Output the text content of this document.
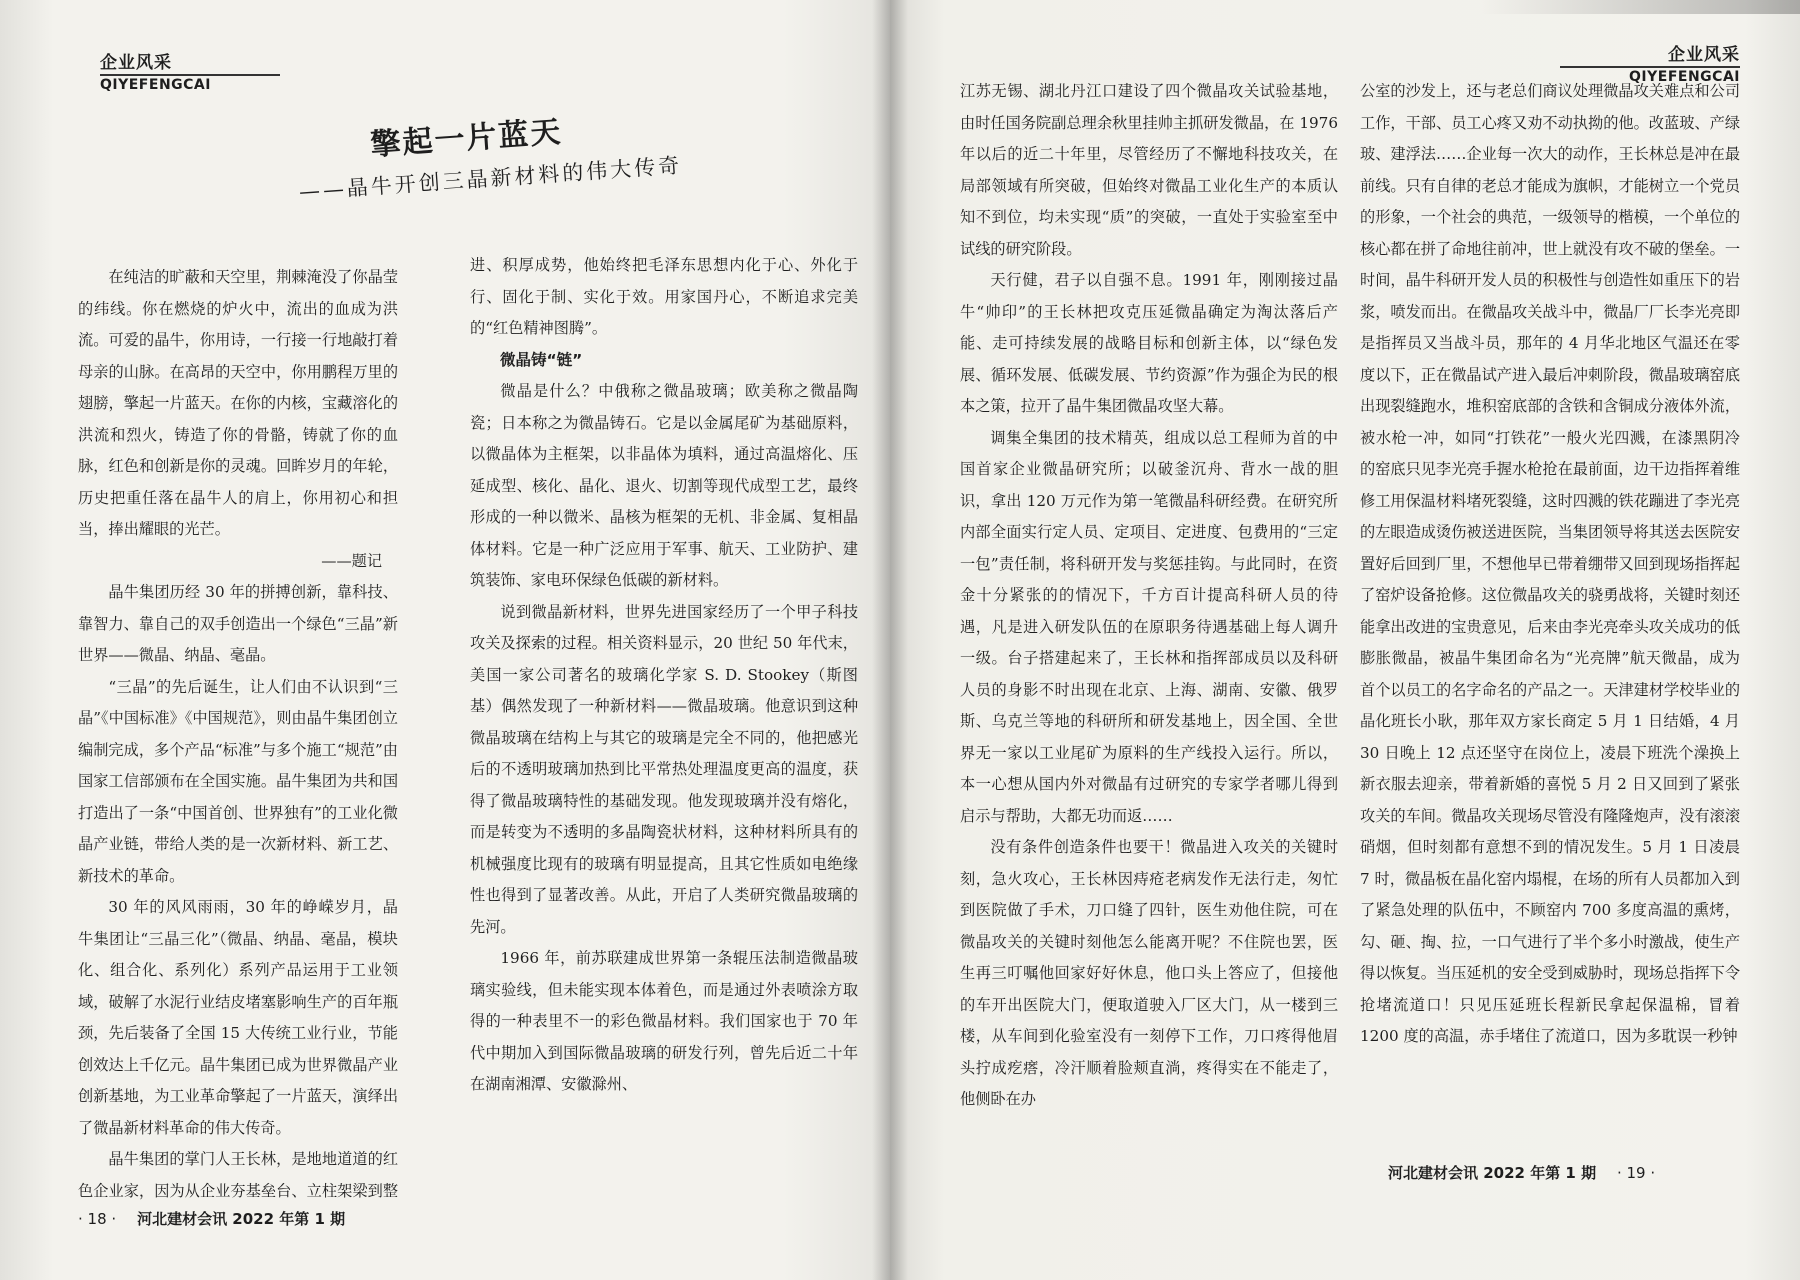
企业风采
QIYEFENGCAI
擎起一片蓝天
——晶牛开创三晶新材料的伟大传奇

在纯洁的旷蔽和天空里，荆棘淹没了你晶莹的纬线。你在燃烧的炉火中，流出的血成为洪流。可爱的晶牛，你用诗，一行接一行地敲打着母亲的山脉。在高昂的天空中，你用鹏程万里的翅膀，擎起一片蓝天。在你的内核，宝藏溶化的洪流和烈火，铸造了你的骨骼，铸就了你的血脉，红色和创新是你的灵魂。回眸岁月的年轮，历史把重任落在晶牛人的肩上，你用初心和担当，捧出耀眼的光芒。

——题记

晶牛集团历经 30 年的拼搏创新，靠科技、靠智力、靠自己的双手创造出一个绿色“三晶”新世界——微晶、纳晶、毫晶。

“三晶”的先后诞生，让人们由不认识到“三晶”《中国标准》《中国规范》，则由晶牛集团创立编制完成，多个产品“标准”与多个施工“规范”由国家工信部颁布在全国实施。晶牛集团为共和国打造出了一条“中国首创、世界独有”的工业化微晶产业链，带给人类的是一次新材料、新工艺、新技术的革命。

30 年的风风雨雨，30 年的峥嵘岁月，晶牛集团让“三晶三化”（微晶、纳晶、毫晶，模块化、组合化、系列化）系列产品运用于工业领域，破解了水泥行业结皮堵塞影响生产的百年瓶颈，先后装备了全国 15 大传统工业行业，节能创效达上千亿元。晶牛集团已成为世界微晶产业创新基地，为工业革命擎起了一片蓝天，演绎出了微晶新材料革命的伟大传奇。

晶牛集团的掌门人王长林，是地地道道的红色企业家，因为从企业夯基垒台、立柱架梁到整

进、积厚成势，他始终把毛泽东思想内化于心、外化于行、固化于制、实化于效。用家国丹心，不断追求完美的“红色精神图腾”。

微晶铸“链”

微晶是什么？中俄称之微晶玻璃；欧美称之微晶陶瓷；日本称之为微晶铸石。它是以金属尾矿为基础原料，以微晶体为主框架，以非晶体为填料，通过高温熔化、压延成型、核化、晶化、退火、切割等现代成型工艺，最终形成的一种以微米、晶核为框架的无机、非金属、复相晶体材料。它是一种广泛应用于军事、航天、工业防护、建筑装饰、家电环保绿色低碳的新材料。

说到微晶新材料，世界先进国家经历了一个甲子科技攻关及探索的过程。相关资料显示，20 世纪 50 年代末，美国一家公司著名的玻璃化学家 S. D. Stookey（斯图基）偶然发现了一种新材料——微晶玻璃。他意识到这种微晶玻璃在结构上与其它的玻璃是完全不同的，他把感光后的不透明玻璃加热到比平常热处理温度更高的温度，获得了微晶玻璃特性的基础发现。他发现玻璃并没有熔化，而是转变为不透明的多晶陶瓷状材料，这种材料所具有的机械强度比现有的玻璃有明显提高，且其它性质如电绝缘性也得到了显著改善。从此，开启了人类研究微晶玻璃的先河。

1966 年，前苏联建成世界第一条辊压法制造微晶玻璃实验线，但未能实现本体着色，而是通过外表喷涂方取得的一种表里不一的彩色微晶材料。我们国家也于 70 年代中期加入到国际微晶玻璃的研发行列，曾先后近二十年在湖南湘潭、安徽滁州、

· 18 · 河北建材会讯 2022 年第 1 期
企业风采
QIYEFENGCAI

江苏无锡、湖北丹江口建设了四个微晶攻关试验基地，由时任国务院副总理余秋里挂帅主抓研发微晶，在 1976 年以后的近二十年里，尽管经历了不懈地科技攻关，在局部领域有所突破，但始终对微晶工业化生产的本质认知不到位，均未实现“质”的突破，一直处于实验室至中试线的研究阶段。

天行健，君子以自强不息。1991 年，刚刚接过晶牛“帅印”的王长林把攻克压延微晶确定为淘汰落后产能、走可持续发展的战略目标和创新主体，以“绿色发展、循环发展、低碳发展、节约资源”作为强企为民的根本之策，拉开了晶牛集团微晶攻坚大幕。

调集全集团的技术精英，组成以总工程师为首的中国首家企业微晶研究所；以破釜沉舟、背水一战的胆识，拿出 120 万元作为第一笔微晶科研经费。在研究所内部全面实行定人员、定项目、定进度、包费用的“三定一包”责任制，将科研开发与奖惩挂钩。与此同时，在资金十分紧张的的情况下，千方百计提高科研人员的待遇，凡是进入研发队伍的在原职务待遇基础上每人调升一级。台子搭建起来了，王长林和指挥部成员以及科研人员的身影不时出现在北京、上海、湖南、安徽、俄罗斯、乌克兰等地的科研所和研发基地上，因全国、全世界无一家以工业尾矿为原料的生产线投入运行。所以，本一心想从国内外对微晶有过研究的专家学者哪儿得到启示与帮助，大都无功而返……

没有条件创造条件也要干！微晶进入攻关的关键时刻，急火攻心，王长林因痔疮老病发作无法行走，匆忙到医院做了手术，刀口缝了四针，医生劝他住院，可在微晶攻关的关键时刻他怎么能离开呢？不住院也罢，医生再三叮嘱他回家好好休息，他口头上答应了，但接他的车开出医院大门，便取道驶入厂区大门，从一楼到三楼，从车间到化验室没有一刻停下工作，刀口疼得他眉头拧成疙瘩，冷汗顺着脸颊直淌，疼得实在不能走了，他侧卧在办

公室的沙发上，还与老总们商议处理微晶攻关难点和公司工作，干部、员工心疼又劝不动执拗的他。改蓝玻、产绿玻、建浮法……企业每一次大的动作，王长林总是冲在最前线。只有自律的老总才能成为旗帜，才能树立一个党员的形象，一个社会的典范，一级领导的楷模，一个单位的核心都在拼了命地往前冲，世上就没有攻不破的堡垒。一时间，晶牛科研开发人员的积极性与创造性如重压下的岩浆，喷发而出。在微晶攻关战斗中，微晶厂厂长李光亮即是指挥员又当战斗员，那年的 4 月华北地区气温还在零度以下，正在微晶试产进入最后冲刺阶段，微晶玻璃窑底出现裂缝跑水，堆积窑底部的含铁和含铜成分液体外流，被水枪一冲，如同“打铁花”一般火光四溅，在漆黑阴冷的窑底只见李光亮手握水枪抢在最前面，边干边指挥着维修工用保温材料堵死裂缝，这时四溅的铁花蹦进了李光亮的左眼造成烫伤被送进医院，当集团领导将其送去医院安置好后回到厂里，不想他早已带着绷带又回到现场指挥起了窑炉设备抢修。这位微晶攻关的骁勇战将，关键时刻还能拿出改进的宝贵意见，后来由李光亮牵头攻关成功的低膨胀微晶，被晶牛集团命名为“光亮牌”航天微晶，成为首个以员工的名字命名的产品之一。天津建材学校毕业的晶化班长小耿，那年双方家长商定 5 月 1 日结婚，4 月 30 日晚上 12 点还坚守在岗位上，凌晨下班洗个澡换上新衣服去迎亲，带着新婚的喜悦 5 月 2 日又回到了紧张攻关的车间。微晶攻关现场尽管没有隆隆炮声，没有滚滚硝烟，但时刻都有意想不到的情况发生。5 月 1 日凌晨 7 时，微晶板在晶化窑内塌棍，在场的所有人员都加入到了紧急处理的队伍中，不顾窑内 700 多度高温的熏烤，勾、砸、掏、拉，一口气进行了半个多小时激战，使生产得以恢复。当压延机的安全受到威胁时，现场总指挥下令抢堵流道口！只见压延班长程新民拿起保温棉，冒着 1200 度的高温，赤手堵住了流道口，因为多耽误一秒钟

河北建材会讯 2022 年第 1 期 · 19 ·
